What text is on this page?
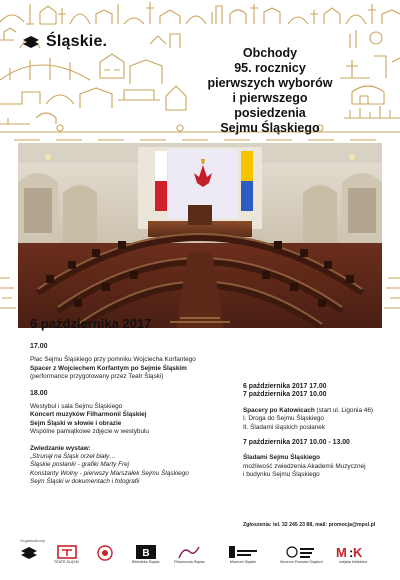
Śląskie.
Obchody
95. rocznicy
pierwszych wyborów
i pierwszego posiedzenia
Sejmu Śląskiego
6 października 2017
17.00
Plac Sejmu Śląskiego przy pomniku Wojciecha Korfantego
Spacer z Wojciechem Korfantym po Sejmie Śląskim
(performance przygotowany przez Teatr Śląski)
18.00
Westybul i sala Sejmu Śląskiego
Koncert muzyków Filharmonii Śląskiej
Sejm Śląski w słowie i obrazie
Wspólne pamiątkowe zdjęcie w westybulu
Zwiedzanie wystaw:
„Strunął na Śląsk orzeł biały…
Śląskie posłanki - grafiki Marty Frej
Konstanty Wolny - pierwszy Marszałek Sejmu Śląskiego
Sejm Śląski w dokumentach i fotografii
6 października 2017 17.00
7 października 2017 10.00
Spacery po Katowicach (start ul. Ligonia 46)
I. Droga do Sejmu Śląskiego
II. Śladami śląskich posłanek
7 października 2017 10.00 - 13.00
Śladami Sejmu Śląskiego
możliwość zwiedzenia Akademii Muzycznej
i budynku Sejmu Śląskiego
Zgłoszenia: tel. 32 245 23 88, mail: promocja@mpsl.pl
Organizatorzy
TEATR ŚLĄSKI
B
Biblioteka Śląska	Filharmonia Śląska	Muzeum Śląskie	Muzeum Powstań Śląskich
M : K
miejska biblioteka
